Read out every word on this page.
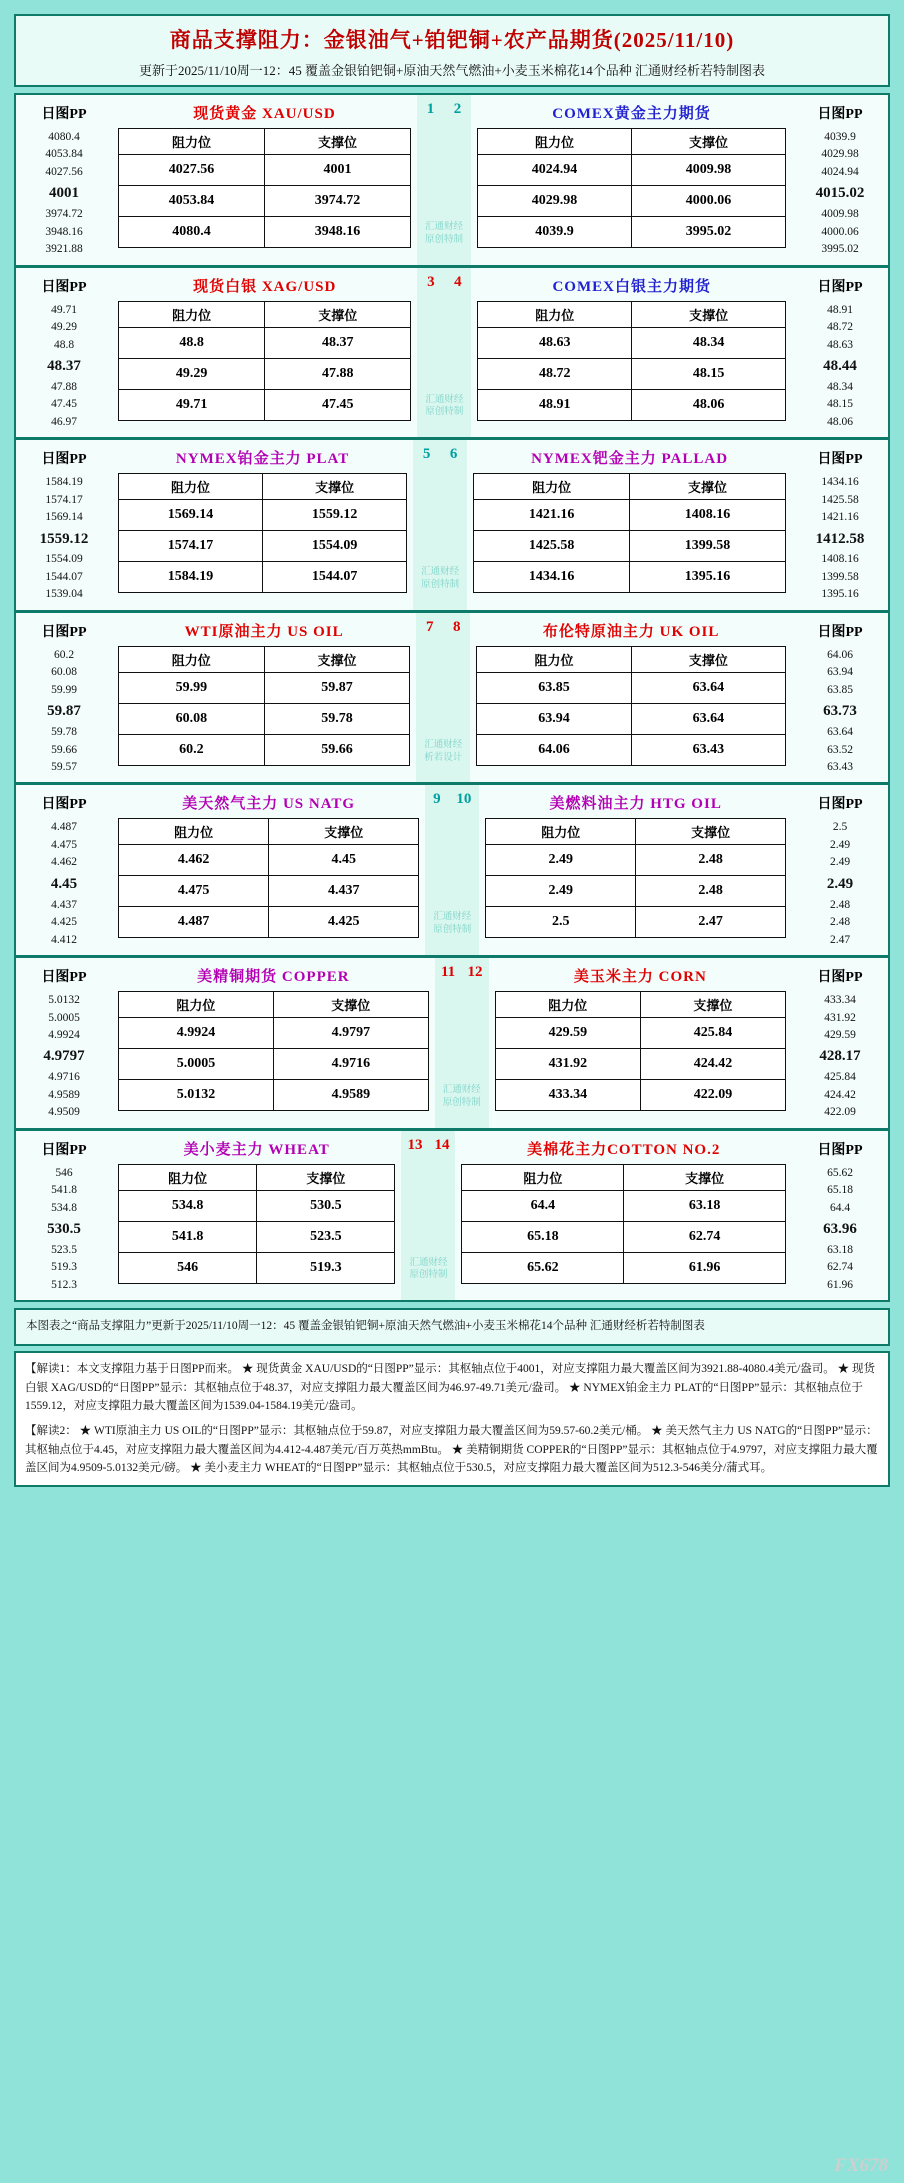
商品支撑阻力：金银油气+铂钯铜+农产品期货(2025/11/10)
更新于2025/11/10周一12：45 覆盖金银铂钯铜+原油天然气燃油+小麦玉米棉花14个品种 汇通财经析若特制图表
日图PP
4080.4
4053.84
4027.56
4001
3974.72
3948.16
3921.88
现货黄金 XAU/USD
阻力位	支撑位
4027.56	4001
4053.84	3974.72
4080.4	3948.16
1 2
汇通财经
原创特制
COMEX黄金主力期货
阻力位	支撑位
4024.94	4009.98
4029.98	4000.06
4039.9	3995.02
日图PP
4039.9
4029.98
4024.94
4015.02
4009.98
4000.06
3995.02
日图PP
49.71
49.29
48.8
48.37
47.88
47.45
46.97
现货白银 XAG/USD
阻力位	支撑位
48.8	48.37
49.29	47.88
49.71	47.45
3 4
汇通财经
原创特制
COMEX白银主力期货
阻力位	支撑位
48.63	48.34
48.72	48.15
48.91	48.06
日图PP
48.91
48.72
48.63
48.44
48.34
48.15
48.06
日图PP
1584.19
1574.17
1569.14
1559.12
1554.09
1544.07
1539.04
NYMEX铂金主力 PLAT
阻力位	支撑位
1569.14	1559.12
1574.17	1554.09
1584.19	1544.07
5 6
汇通财经
原创特制
NYMEX钯金主力 PALLAD
阻力位	支撑位
1421.16	1408.16
1425.58	1399.58
1434.16	1395.16
日图PP
1434.16
1425.58
1421.16
1412.58
1408.16
1399.58
1395.16
日图PP
60.2
60.08
59.99
59.87
59.78
59.66
59.57
WTI原油主力 US OIL
阻力位	支撑位
59.99	59.87
60.08	59.78
60.2	59.66
7 8
汇通财经
析若设计
布伦特原油主力 UK OIL
阻力位	支撑位
63.85	63.64
63.94	63.64
64.06	63.43
日图PP
64.06
63.94
63.85
63.73
63.64
63.52
63.43
日图PP
4.487
4.475
4.462
4.45
4.437
4.425
4.412
美天然气主力 US NATG
阻力位	支撑位
4.462	4.45
4.475	4.437
4.487	4.425
9 10
汇通财经
原创特制
美燃料油主力 HTG OIL
阻力位	支撑位
2.49	2.48
2.49	2.48
2.5	2.47
日图PP
2.5
2.49
2.49
2.49
2.48
2.48
2.47
日图PP
5.0132
5.0005
4.9924
4.9797
4.9716
4.9589
4.9509
美精铜期货 COPPER
阻力位	支撑位
4.9924	4.9797
5.0005	4.9716
5.0132	4.9589
11 12
汇通财经
原创特制
美玉米主力 CORN
阻力位	支撑位
429.59	425.84
431.92	424.42
433.34	422.09
日图PP
433.34
431.92
429.59
428.17
425.84
424.42
422.09
日图PP
546
541.8
534.8
530.5
523.5
519.3
512.3
美小麦主力 WHEAT
阻力位	支撑位
534.8	530.5
541.8	523.5
546	519.3
13 14
汇通财经
原创特制
美棉花主力COTTON NO.2
阻力位	支撑位
64.4	63.18
65.18	62.74
65.62	61.96
日图PP
65.62
65.18
64.4
63.96
63.18
62.74
61.96
本图表之“商品支撑阻力”更新于2025/11/10周一12：45 覆盖金银铂钯铜+原油天然气燃油+小麦玉米棉花14个品种 汇通财经析若特制图表

【解读1：本文支撑阻力基于日图PP而来。 ★ 现货黄金 XAU/USD的“日图PP”显示：其枢轴点位于4001，对应支撑阻力最大覆盖区间为3921.88-4080.4美元/盎司。 ★ 现货白银 XAG/USD的“日图PP”显示：其枢轴点位于48.37，对应支撑阻力最大覆盖区间为46.97-49.71美元/盎司。 ★ NYMEX铂金主力 PLAT的“日图PP”显示：其枢轴点位于1559.12，对应支撑阻力最大覆盖区间为1539.04-1584.19美元/盎司。

【解读2： ★ WTI原油主力 US OIL的“日图PP”显示：其枢轴点位于59.87，对应支撑阻力最大覆盖区间为59.57-60.2美元/桶。 ★ 美天然气主力 US NATG的“日图PP”显示：其枢轴点位于4.45，对应支撑阻力最大覆盖区间为4.412-4.487美元/百万英热mmBtu。 ★ 美精铜期货 COPPER的“日图PP”显示：其枢轴点位于4.9797，对应支撑阻力最大覆盖区间为4.9509-5.0132美元/磅。 ★ 美小麦主力 WHEAT的“日图PP”显示：其枢轴点位于530.5，对应支撑阻力最大覆盖区间为512.3-546美分/蒲式耳。

FX678
